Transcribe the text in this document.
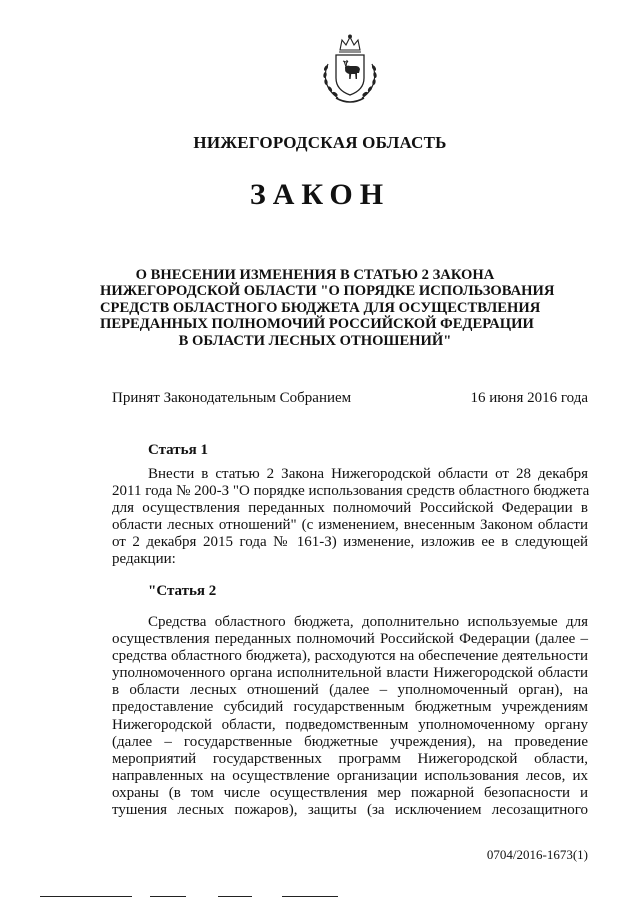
НИЖЕГОРОДСКАЯ ОБЛАСТЬ
ЗАКОН
О ВНЕСЕНИИ ИЗМЕНЕНИЯ В СТАТЬЮ 2 ЗАКОНА
НИЖЕГОРОДСКОЙ ОБЛАСТИ "О ПОРЯДКЕ ИСПОЛЬЗОВАНИЯ
СРЕДСТВ ОБЛАСТНОГО БЮДЖЕТА ДЛЯ ОСУЩЕСТВЛЕНИЯ
ПЕРЕДАННЫХ ПОЛНОМОЧИЙ РОССИЙСКОЙ ФЕДЕРАЦИИ
В ОБЛАСТИ ЛЕСНЫХ ОТНОШЕНИЙ"
Принят Законодательным Собранием	16 июня 2016 года
Статья 1
Внести в статью 2 Закона Нижегородской области от 28 декабря
2011 года № 200-З "О порядке использования средств областного бюджета
для осуществления переданных полномочий Российской Федерации в
области лесных отношений" (с изменением, внесенным Законом области
от 2 декабря 2015 года № 161-З) изменение, изложив ее в следующей
редакции:
"Статья 2
Средства областного бюджета, дополнительно используемые для
осуществления переданных полномочий Российской Федерации (далее –
средства областного бюджета), расходуются на обеспечение деятельности
уполномоченного органа исполнительной власти Нижегородской области
в области лесных отношений (далее – уполномоченный орган), на
предоставление субсидий государственным бюджетным учреждениям
Нижегородской области, подведомственным уполномоченному органу
(далее – государственные бюджетные учреждения), на проведение
мероприятий государственных программ Нижегородской области,
направленных на осуществление организации использования лесов, их
охраны (в том числе осуществления мер пожарной безопасности и
тушения лесных пожаров), защиты (за исключением лесозащитного
0704/2016-1673(1)
